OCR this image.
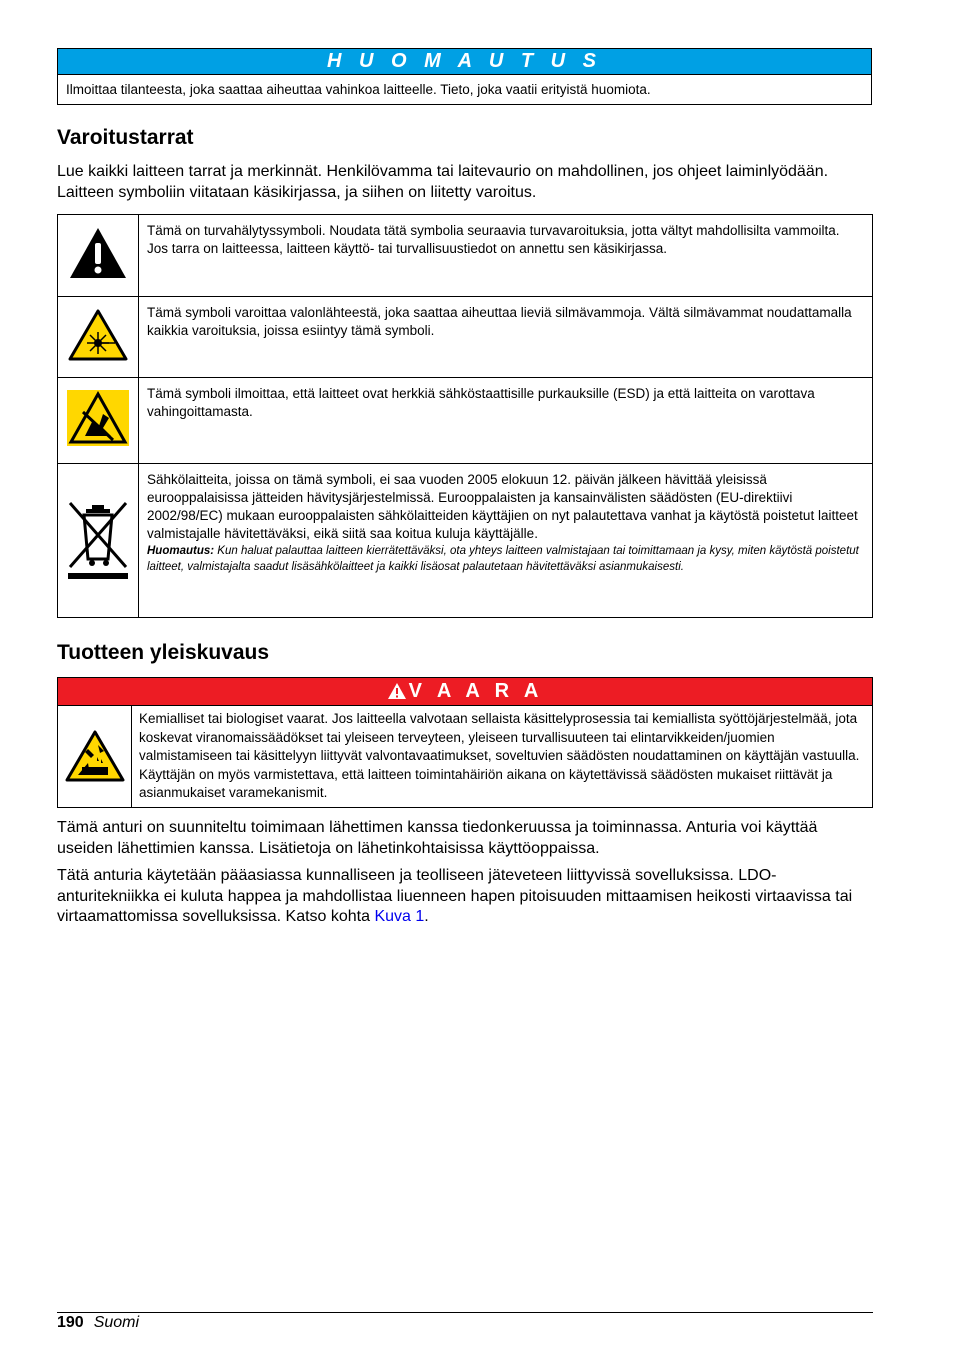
H U O M A U T U S
Ilmoittaa tilanteesta, joka saattaa aiheuttaa vahinkoa laitteelle. Tieto, joka vaatii erityistä huomiota.
Varoitustarrat

Lue kaikki laitteen tarrat ja merkinnät. Henkilövamma tai laitevaurio on mahdollinen, jos ohjeet laiminlyödään. Laitteen symboliin viitataan käsikirjassa, ja siihen on liitetty varoitus.

	Tämä on turvahälytyssymboli. Noudata tätä symbolia seuraavia turvavaroituksia, jotta vältyt mahdollisilta vammoilta. Jos tarra on laitteessa, laitteen käyttö- tai turvallisuustiedot on annettu sen käsikirjassa.
	Tämä symboli varoittaa valonlähteestä, joka saattaa aiheuttaa lieviä silmävammoja. Vältä silmävammat noudattamalla kaikkia varoituksia, joissa esiintyy tämä symboli.
	Tämä symboli ilmoittaa, että laitteet ovat herkkiä sähköstaattisille purkauksille (ESD) ja että laitteita on varottava vahingoittamasta.

Sähkölaitteita, joissa on tämä symboli, ei saa vuoden 2005 elokuun 12. päivän jälkeen hävittää yleisissä eurooppalaisissa jätteiden hävitysjärjestelmissä. Eurooppalaisten ja kansainvälisten säädösten (EU-direktiivi 2002/98/EC) mukaan eurooppalaisten sähkölaitteiden käyttäjien on nyt palautettava vanhat ja käytöstä poistetut laitteet valmistajalle hävitettäväksi, eikä siitä saa koitua kuluja käyttäjälle.
Huomautus: Kun haluat palauttaa laitteen kierrätettäväksi, ota yhteys laitteen valmistajaan tai toimittamaan ja kysy, miten käytöstä poistetut laitteet, valmistajalta saadut lisäsähkölaitteet ja kaikki lisäosat palautetaan hävitettäväksi asianmukaisesti.
Tuotteen yleiskuvaus
V A A R A
Kemialliset tai biologiset vaarat. Jos laitteella valvotaan sellaista käsittelyprosessia tai kemiallista syöttöjärjestelmää, jota koskevat viranomaissäädökset tai yleiseen terveyteen, yleiseen turvallisuuteen tai elintarvikkeiden/juomien valmistamiseen tai käsittelyyn liittyvät valvontavaatimukset, soveltuvien säädösten noudattaminen on käyttäjän vastuulla. Käyttäjän on myös varmistettava, että laitteen toimintahäiriön aikana on käytettävissä säädösten mukaiset riittävät ja asianmukaiset varamekanismit.

Tämä anturi on suunniteltu toimimaan lähettimen kanssa tiedonkeruussa ja toiminnassa. Anturia voi käyttää useiden lähettimien kanssa. Lisätietoja on lähetinkohtaisissa käyttöoppaissa.

Tätä anturia käytetään pääasiassa kunnalliseen ja teolliseen jäteveteen liittyvissä sovelluksissa. LDO-anturitekniikka ei kuluta happea ja mahdollistaa liuenneen hapen pitoisuuden mittaamisen heikosti virtaavissa tai virtaamattomissa sovelluksissa. Katso kohta Kuva 1.

190 Suomi
